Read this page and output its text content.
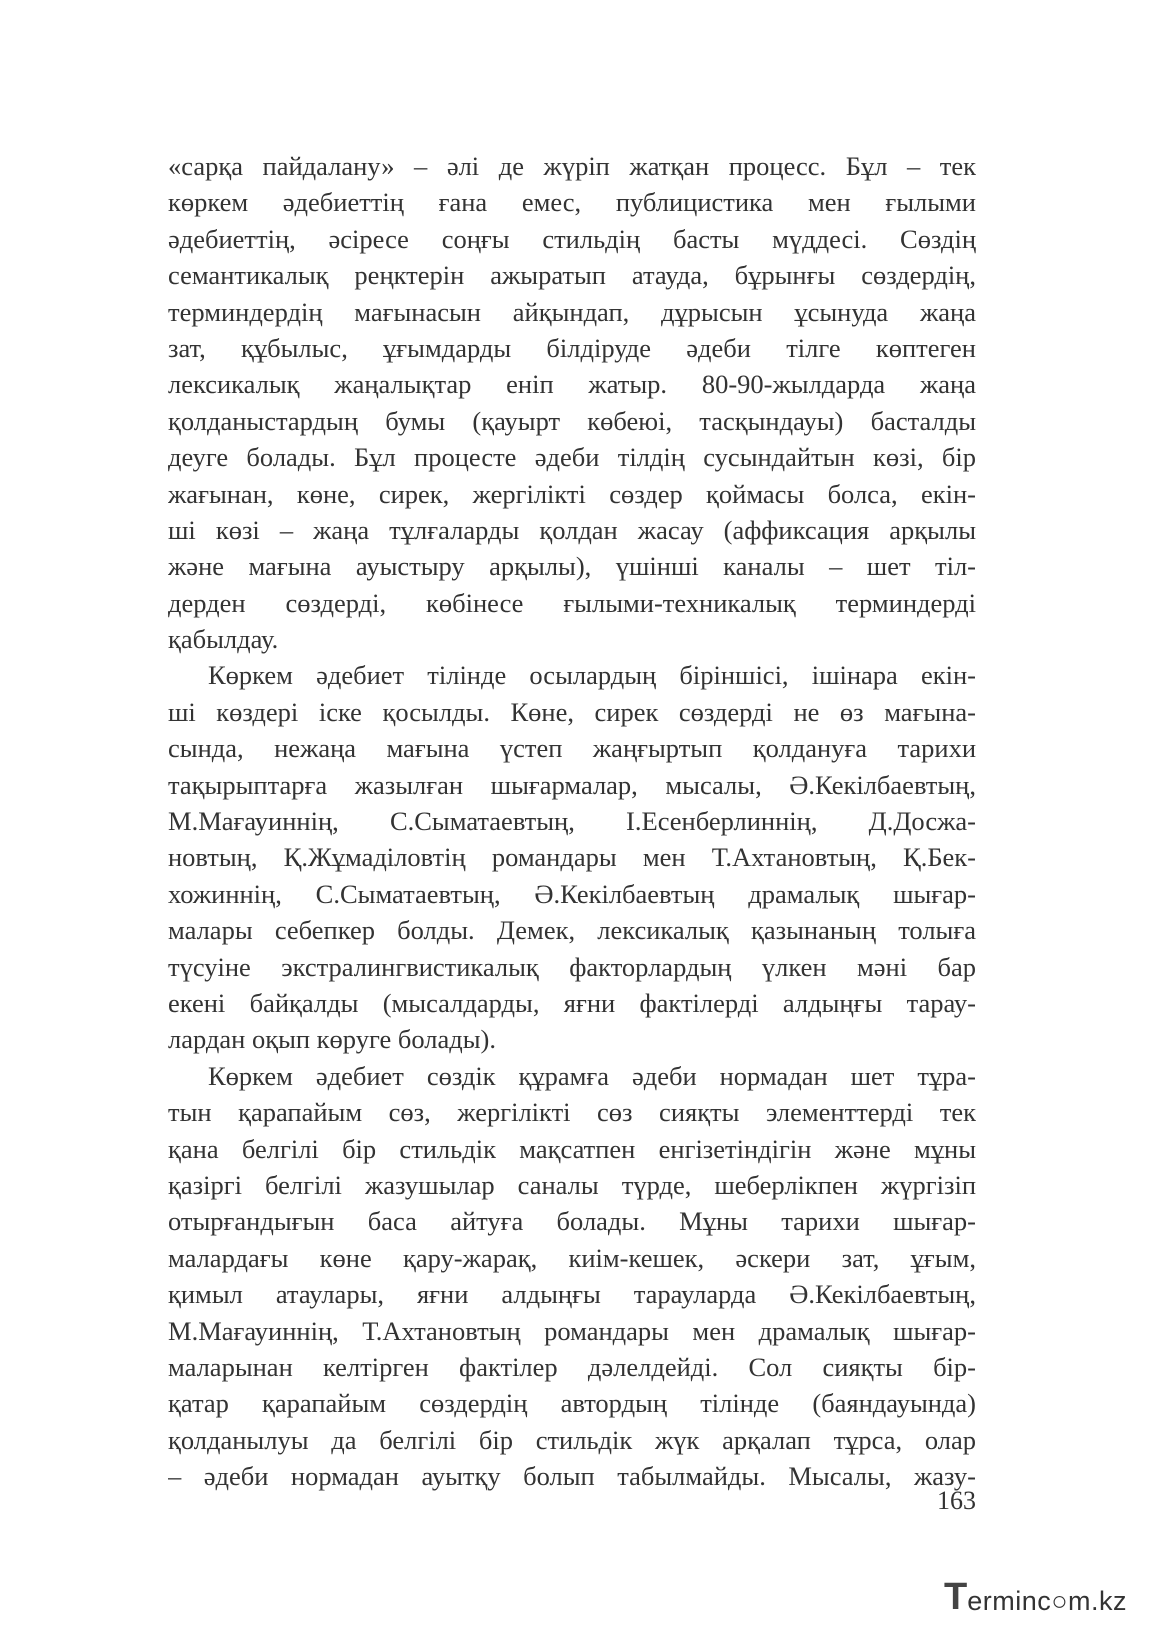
«сарқа пайдалану» – әлі де жүріп жатқан процесс. Бұл – тек
көркем әдебиеттің ғана емес, публицистика мен ғылыми
әдебиеттің, әсіресе соңғы стильдің басты мүддесі. Сөздің
семантикалық реңктерін ажыратып атауда, бұрынғы сөздердің,
терминдердің мағынасын айқындап, дұрысын ұсынуда жаңа
зат, құбылыс, ұғымдарды білдіруде әдеби тілге көптеген
лексикалық жаңалықтар еніп жатыр. 80-90-жылдарда жаңа
қолданыстардың бумы (қауырт көбеюі, тасқындауы) басталды
деуге болады. Бұл процесте әдеби тілдің сусындайтын көзі, бір
жағынан, көне, сирек, жергілікті сөздер қоймасы болса, екін-
ші көзі – жаңа тұлғаларды қолдан жасау (аффиксация арқылы
және мағына ауыстыру арқылы), үшінші каналы – шет тіл-
дерден сөздерді, көбінесе ғылыми-техникалық терминдерді
қабылдау.
Көркем әдебиет тілінде осылардың біріншісі, ішінара екін-
ші көздері іске қосылды. Көне, сирек сөздерді не өз мағына-
сында, нежаңа мағына үстеп жаңғыртып қолдануға тарихи
тақырыптарға жазылған шығармалар, мысалы, Ә.Кекілбаевтың,
М.Мағауиннің, С.Сыматаевтың, І.Есенберлиннің, Д.Досжа-
новтың, Қ.Жұмаділовтің романдары мен Т.Ахтановтың, Қ.Бек-
хожиннің, С.Сыматаевтың, Ә.Кекілбаевтың драмалық шығар-
малары себепкер болды. Демек, лексикалық қазынаның толығa
түсуіне экстралингвистикалық факторлардың үлкен мәні бар
екені байқалды (мысалдарды, яғни фактілерді алдыңғы тарау-
лардан оқып көруге болады).
Көркем әдебиет сөздік құрамға әдеби нормадан шет тұра-
тын қарапайым сөз, жергілікті сөз сияқты элементтерді тек
қана белгілі бір стильдік мақсатпен енгізетіндігін және мұны
қазіргі белгілі жазушылар саналы түрде, шеберлікпен жүргізіп
отырғандығын баса айтуға болады. Мұны тарихи шығар-
малардағы көне қару-жарақ, киім-кешек, әскери зат, ұғым,
қимыл атаулары, яғни алдыңғы тарауларда Ә.Кекілбаевтың,
М.Мағауиннің, Т.Ахтановтың романдары мен драмалық шығар-
маларынан келтірген фактілер дәлелдейді. Сол сияқты бір-
қатар қарапайым сөздердің автордың тілінде (баяндауында)
қолданылуы да белгілі бір стильдік жүк арқалап тұрса, олар
– әдеби нормадан ауытқу болып табылмайды. Мысалы, жазу-
163
T erminc○m.kz
